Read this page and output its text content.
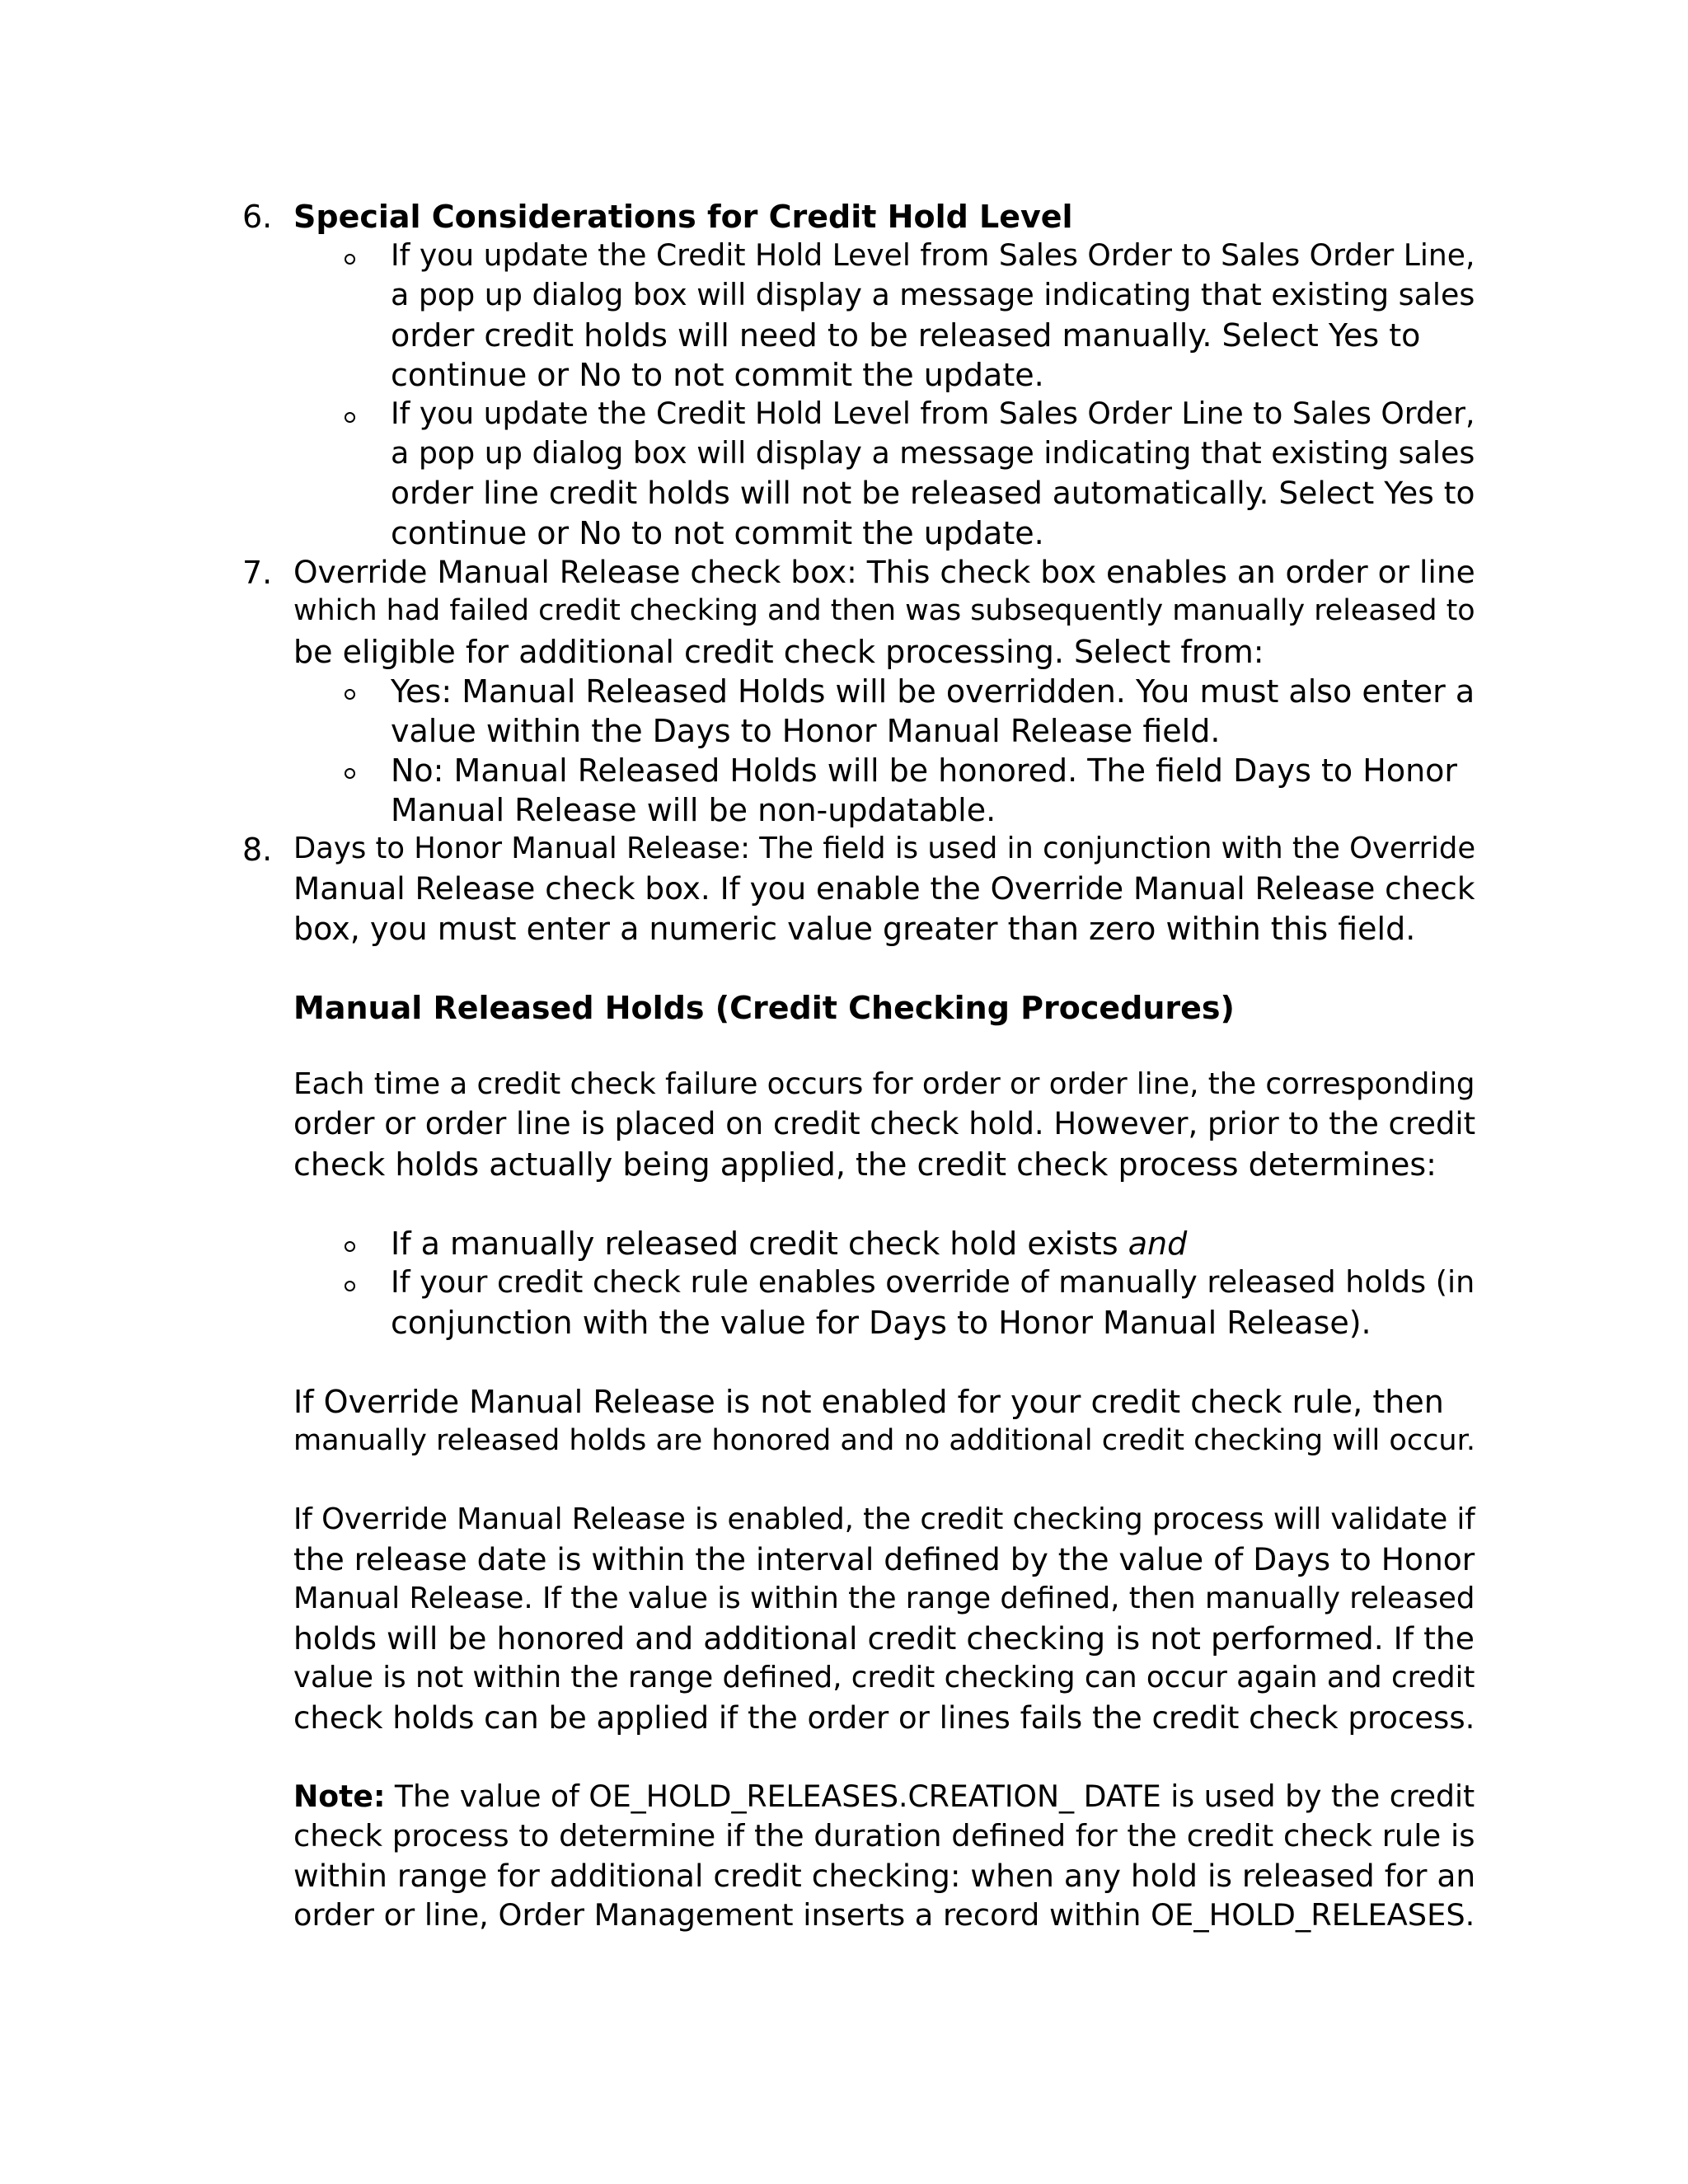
6. Special Considerations for Credit Hold Level
If you update the Credit Hold Level from Sales Order to Sales Order Line,
a pop up dialog box will display a message indicating that existing sales
order credit holds will need to be released manually. Select Yes to
continue or No to not commit the update.
If you update the Credit Hold Level from Sales Order Line to Sales Order,
a pop up dialog box will display a message indicating that existing sales
order line credit holds will not be released automatically. Select Yes to
continue or No to not commit the update.
7. Override Manual Release check box: This check box enables an order or line
which had failed credit checking and then was subsequently manually released to
be eligible for additional credit check processing. Select from:
Yes: Manual Released Holds will be overridden. You must also enter a
value within the Days to Honor Manual Release field.
No: Manual Released Holds will be honored. The field Days to Honor
Manual Release will be non-updatable.
8. Days to Honor Manual Release: The field is used in conjunction with the Override
Manual Release check box. If you enable the Override Manual Release check
box, you must enter a numeric value greater than zero within this field.
Manual Released Holds (Credit Checking Procedures)
Each time a credit check failure occurs for order or order line, the corresponding
order or order line is placed on credit check hold. However, prior to the credit
check holds actually being applied, the credit check process determines:
If a manually released credit check hold exists and
If your credit check rule enables override of manually released holds (in
conjunction with the value for Days to Honor Manual Release).
If Override Manual Release is not enabled for your credit check rule, then
manually released holds are honored and no additional credit checking will occur.
If Override Manual Release is enabled, the credit checking process will validate if
the release date is within the interval defined by the value of Days to Honor
Manual Release. If the value is within the range defined, then manually released
holds will be honored and additional credit checking is not performed. If the
value is not within the range defined, credit checking can occur again and credit
check holds can be applied if the order or lines fails the credit check process.
Note: The value of OE_HOLD_RELEASES.CREATION_ DATE is used by the credit
check process to determine if the duration defined for the credit check rule is
within range for additional credit checking: when any hold is released for an
order or line, Order Management inserts a record within OE_HOLD_RELEASES.
